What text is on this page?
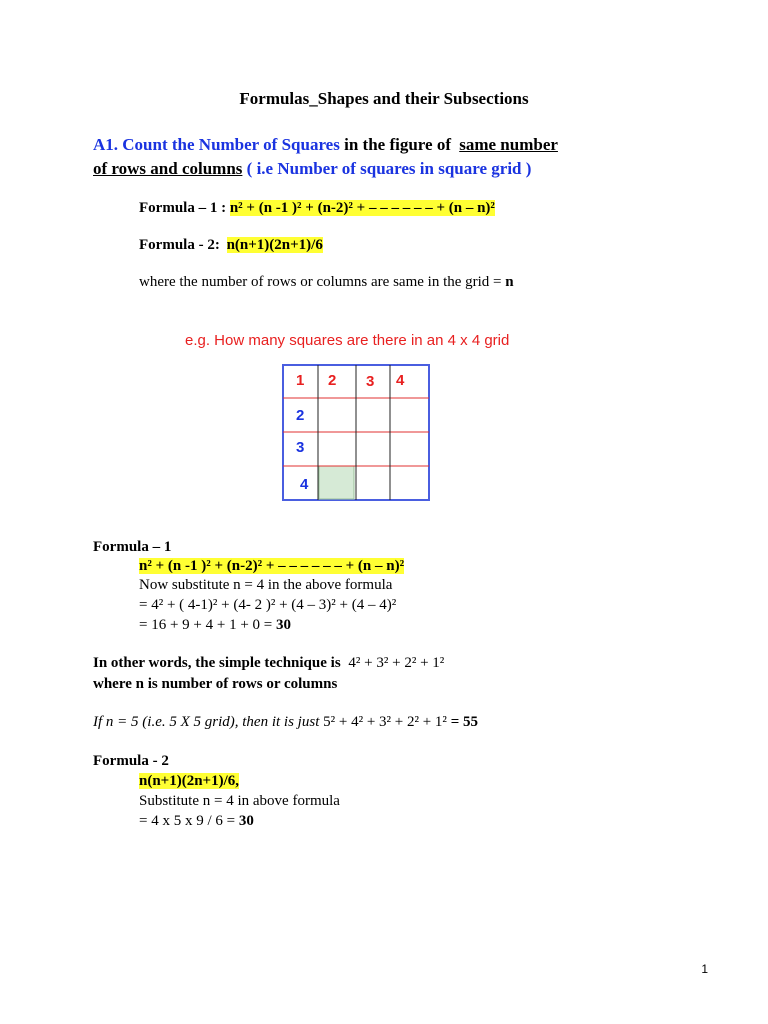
Formulas_Shapes and their Subsections
A1. Count the Number of Squares in the figure of same number
of rows and columns ( i.e Number of squares in square grid )
Formula – 1 : n² + (n -1 )² + (n-2)² + – – – – – – + (n – n)²
Formula - 2: n(n+1)(2n+1)/6
where the number of rows or columns are same in the grid = n
e.g. How many squares are there in an 4 x 4 grid
1 2 3 4
2
3
4
Formula – 1
n² + (n -1 )² + (n-2)² + – – – – – – + (n – n)²
Now substitute n = 4 in the above formula
= 4² + ( 4-1)² + (4- 2 )² + (4 – 3)² + (4 – 4)²
= 16 + 9 + 4 + 1 + 0 = 30
In other words, the simple technique is 4² + 3² + 2² + 1²
where n is number of rows or columns
If n = 5 (i.e. 5 X 5 grid), then it is just 5² + 4² + 3² + 2² + 1² = 55
Formula - 2
n(n+1)(2n+1)/6,
Substitute n = 4 in above formula
= 4 x 5 x 9 / 6 = 30
1
